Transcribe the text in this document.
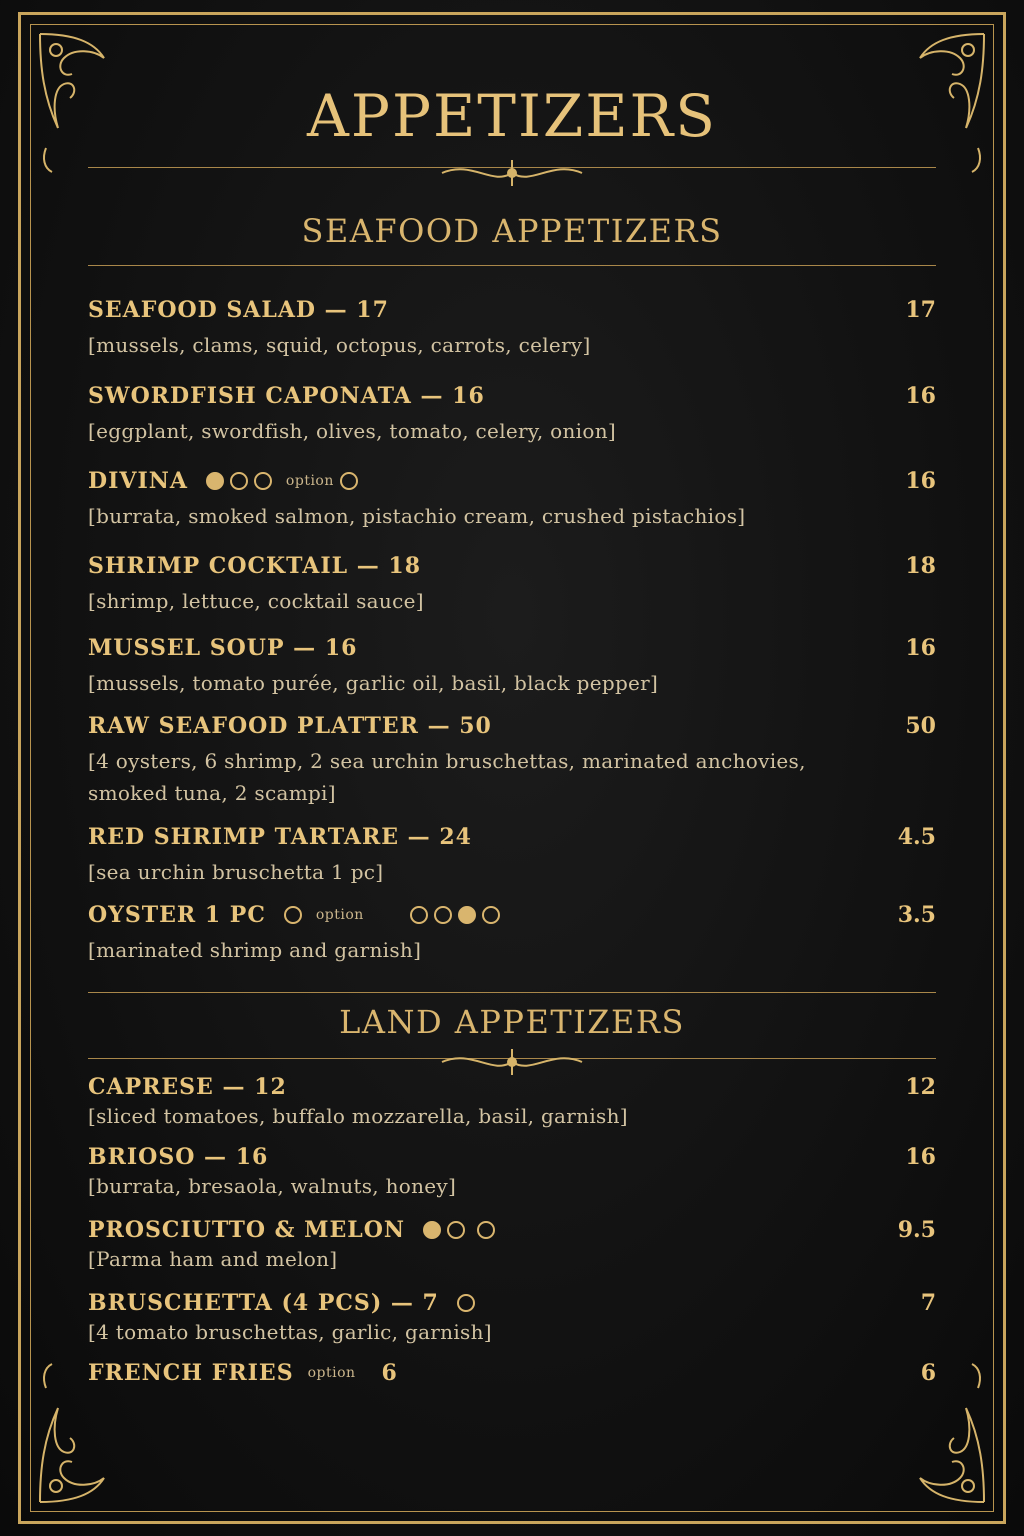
APPETIZERS
SEAFOOD APPETIZERS
SEAFOOD SALAD — 17	17
[mussels, clams, squid, octopus, carrots, celery]
SWORDFISH CAPONATA — 16	16
[eggplant, swordfish, olives, tomato, celery, onion]
DIVINA	option	16
[burrata, smoked salmon, pistachio cream, crushed pistachios]
SHRIMP COCKTAIL — 18	18
[shrimp, lettuce, cocktail sauce]
MUSSEL SOUP — 16	16
[mussels, tomato purée, garlic oil, basil, black pepper]
RAW SEAFOOD PLATTER — 50	50
[4 oysters, 6 shrimp, 2 sea urchin bruschettas, marinated anchovies, smoked tuna, 2 scampi]
RED SHRIMP TARTARE — 24	4.5
[sea urchin bruschetta 1 pc]
OYSTER 1 PC	option	3.5
[marinated shrimp and garnish]
LAND APPETIZERS
CAPRESE — 12	12
[sliced tomatoes, buffalo mozzarella, basil, garnish]
BRIOSO — 16	16
[burrata, bresaola, walnuts, honey]
PROSCIUTTO & MELON	9.5
[Parma ham and melon]
BRUSCHETTA (4 PCS) — 7	7
[4 tomato bruschettas, garlic, garnish]
FRENCH FRIES option 6	6
